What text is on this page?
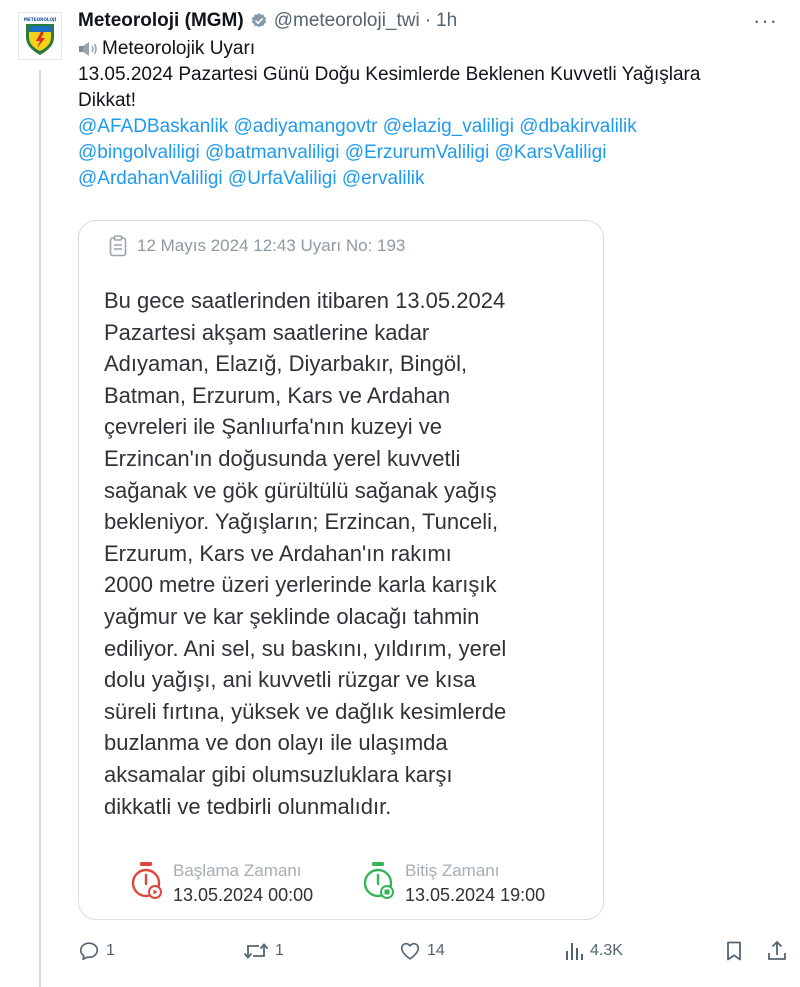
METEOROLOJİ Meteoroloji (MGM) @meteoroloji_twi · 1h	···
Meteorolojik Uyarı
13.05.2024 Pazartesi Günü Doğu Kesimlerde Beklenen Kuvvetli Yağışlara
Dikkat!
@AFADBaskanlik @adiyamangovtr @elazig_valiligi @dbakirvalilik
@bingolvaliligi @batmanvaliligi @ErzurumValiligi @KarsValiligi
@ArdahanValiligi @UrfaValiligi @ervalilik
12 Mayıs 2024 12:43 Uyarı No: 193
Bu gece saatlerinden itibaren 13.05.2024
Pazartesi akşam saatlerine kadar
Adıyaman, Elazığ, Diyarbakır, Bingöl,
Batman, Erzurum, Kars ve Ardahan
çevreleri ile Şanlıurfa'nın kuzeyi ve
Erzincan'ın doğusunda yerel kuvvetli
sağanak ve gök gürültülü sağanak yağış
bekleniyor. Yağışların; Erzincan, Tunceli,
Erzurum, Kars ve Ardahan'ın rakımı
2000 metre üzeri yerlerinde karla karışık
yağmur ve kar şeklinde olacağı tahmin
ediliyor. Ani sel, su baskını, yıldırım, yerel
dolu yağışı, ani kuvvetli rüzgar ve kısa
süreli fırtına, yüksek ve dağlık kesimlerde
buzlanma ve don olayı ile ulaşımda
aksamalar gibi olumsuzluklara karşı
dikkatli ve tedbirli olunmalıdır.
Başlama Zamanı
13.05.2024 00:00
Bitiş Zamanı
13.05.2024 19:00
1	1	14	4.3K
